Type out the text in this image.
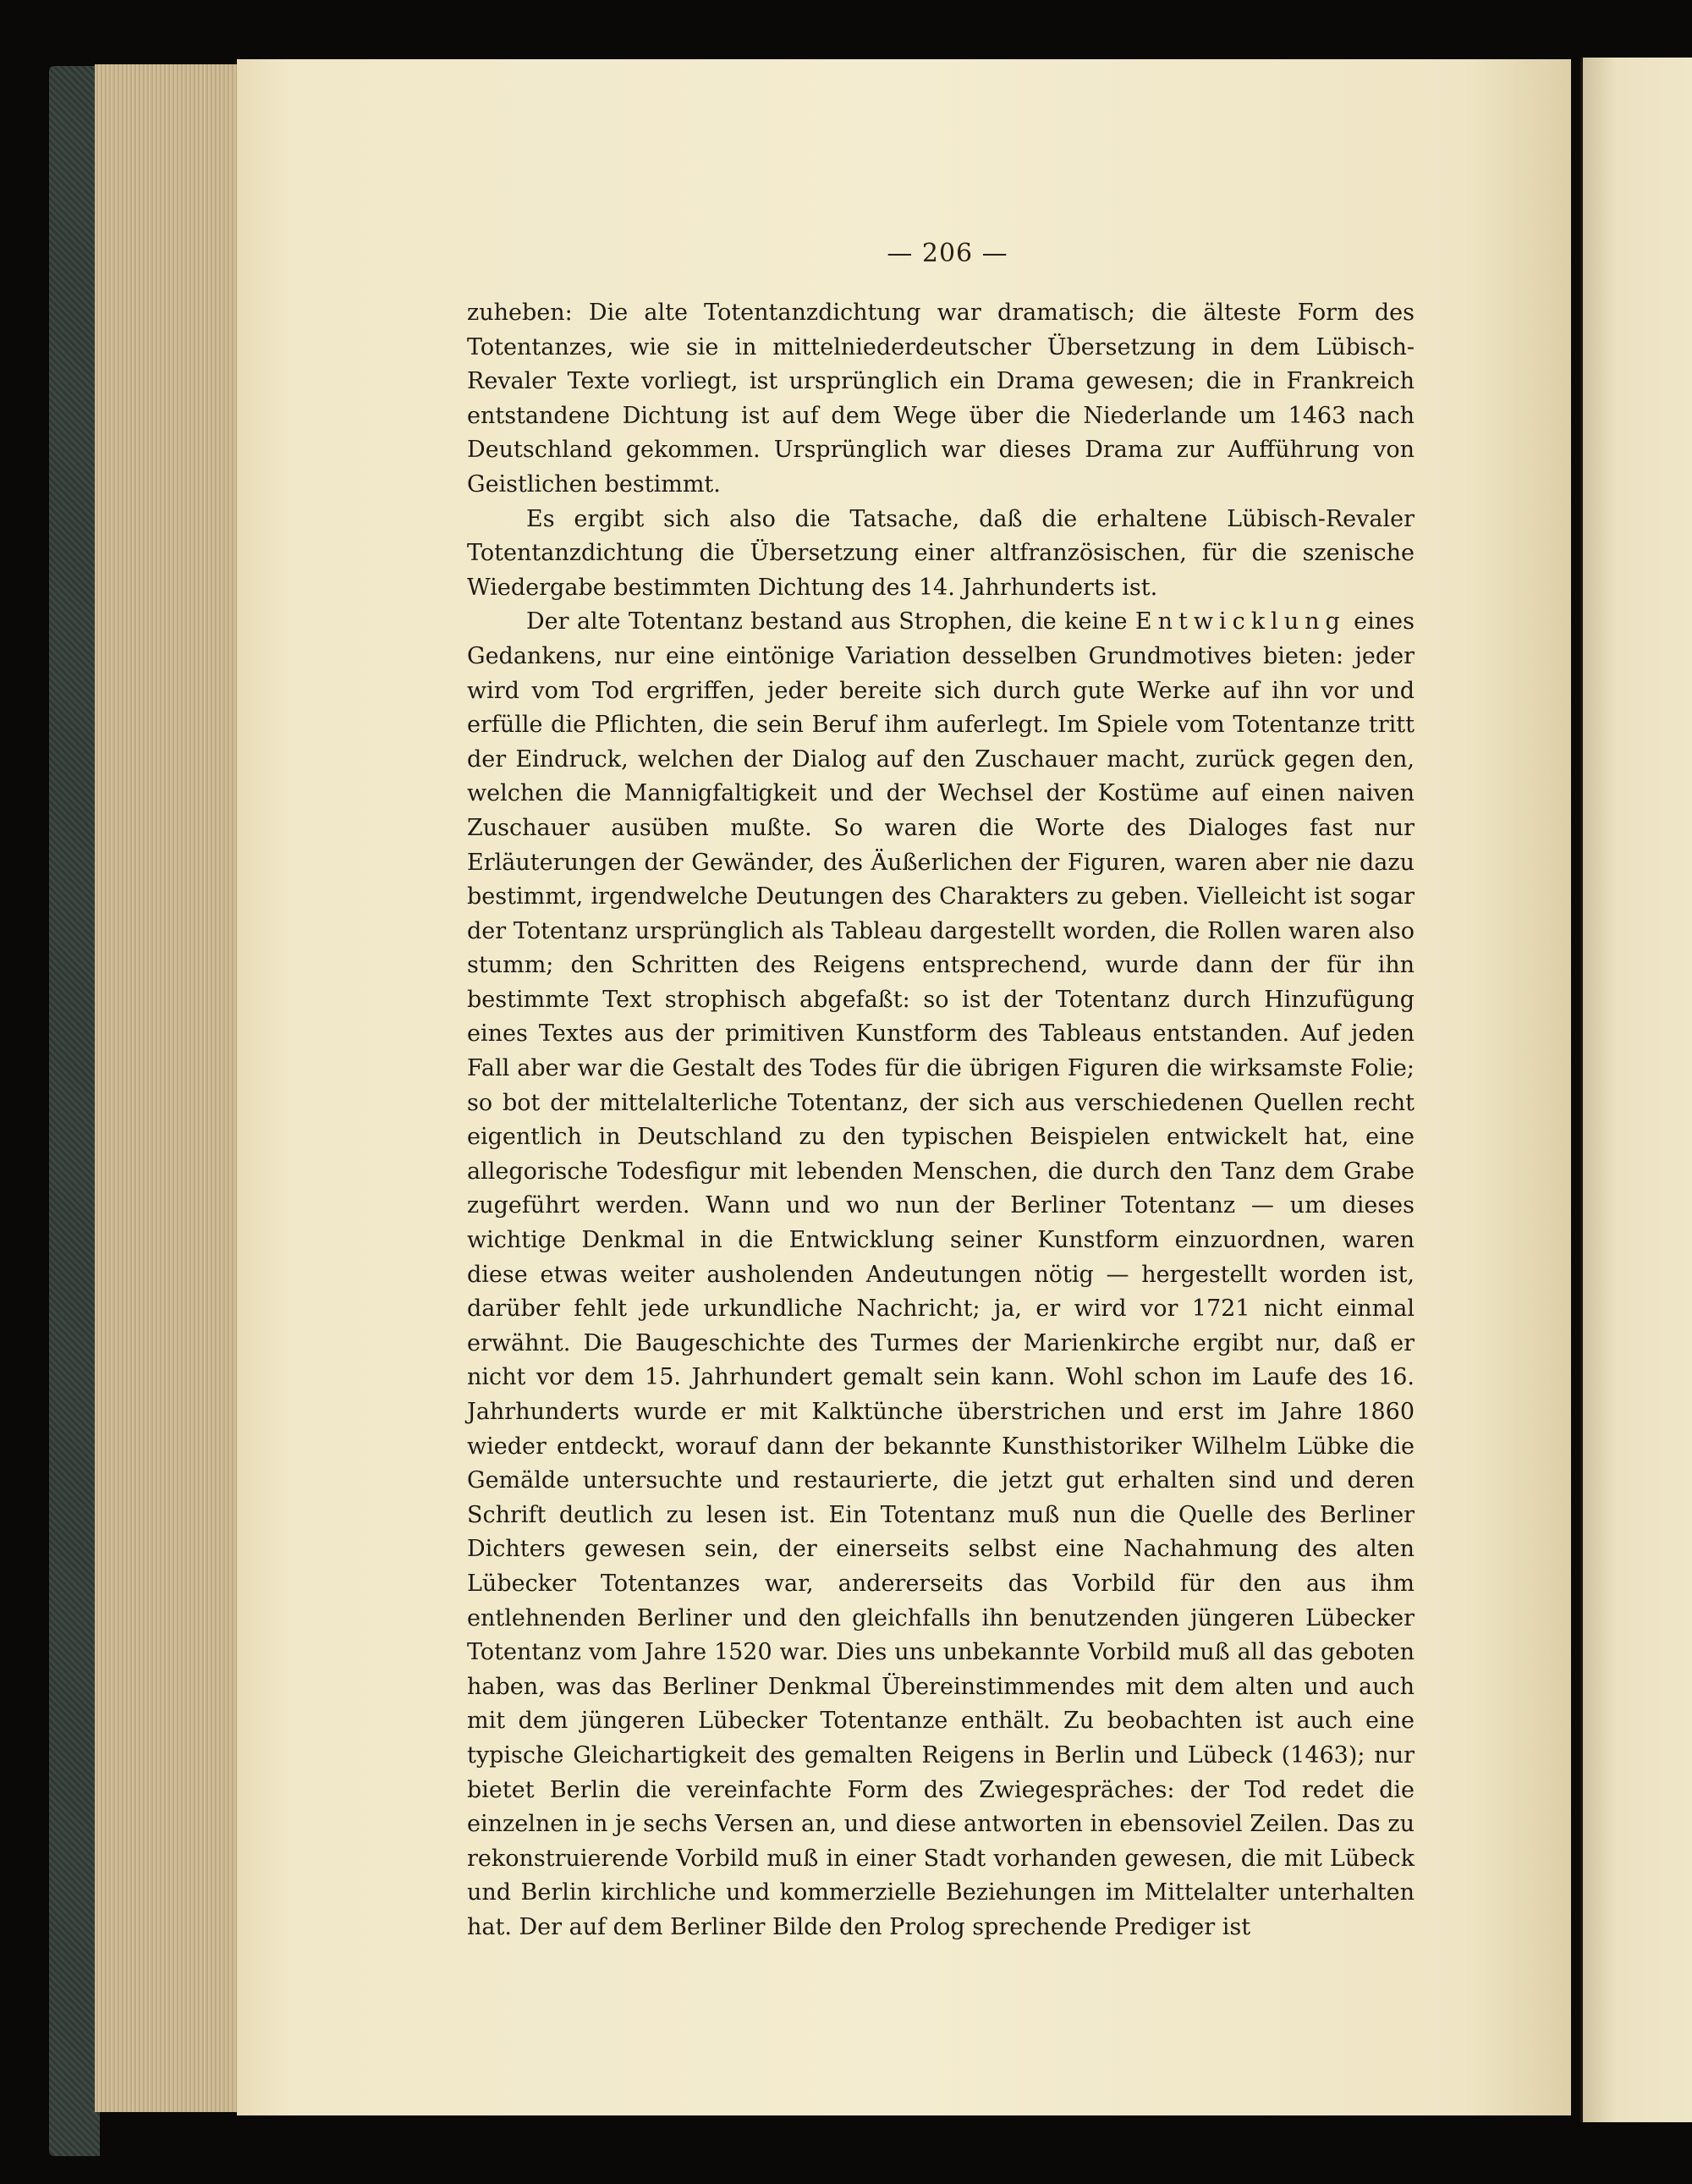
— 206 —

zuheben: Die alte Totentanzdichtung war dramatisch; die älteste Form des Totentanzes, wie sie in mittelniederdeutscher Übersetzung in dem Lübisch-Revaler Texte vorliegt, ist ursprünglich ein Drama gewesen; die in Frankreich entstandene Dichtung ist auf dem Wege über die Niederlande um 1463 nach Deutschland gekommen. Ursprünglich war dieses Drama zur Aufführung von Geistlichen bestimmt.

Es ergibt sich also die Tatsache, daß die erhaltene Lübisch-Revaler Totentanzdichtung die Übersetzung einer altfranzösischen, für die szenische Wiedergabe bestimmten Dichtung des 14. Jahrhunderts ist.

Der alte Totentanz bestand aus Strophen, die keine Entwicklung eines Gedankens, nur eine eintönige Variation desselben Grundmotives bieten: jeder wird vom Tod ergriffen, jeder bereite sich durch gute Werke auf ihn vor und erfülle die Pflichten, die sein Beruf ihm auferlegt. Im Spiele vom Totentanze tritt der Eindruck, welchen der Dialog auf den Zuschauer macht, zurück gegen den, welchen die Mannigfaltigkeit und der Wechsel der Kostüme auf einen naiven Zuschauer ausüben mußte. So waren die Worte des Dialoges fast nur Erläuterungen der Gewänder, des Äußerlichen der Figuren, waren aber nie dazu bestimmt, irgendwelche Deutungen des Charakters zu geben. Vielleicht ist sogar der Totentanz ursprünglich als Tableau dargestellt worden, die Rollen waren also stumm; den Schritten des Reigens entsprechend, wurde dann der für ihn bestimmte Text strophisch abgefaßt: so ist der Totentanz durch Hinzufügung eines Textes aus der primitiven Kunstform des Tableaus entstanden. Auf jeden Fall aber war die Gestalt des Todes für die übrigen Figuren die wirksamste Folie; so bot der mittelalterliche Totentanz, der sich aus verschiedenen Quellen recht eigentlich in Deutschland zu den typischen Beispielen entwickelt hat, eine allegorische Todesfigur mit lebenden Menschen, die durch den Tanz dem Grabe zugeführt werden. Wann und wo nun der Berliner Totentanz — um dieses wichtige Denkmal in die Entwicklung seiner Kunstform einzuordnen, waren diese etwas weiter ausholenden Andeutungen nötig — hergestellt worden ist, darüber fehlt jede urkundliche Nachricht; ja, er wird vor 1721 nicht einmal erwähnt. Die Baugeschichte des Turmes der Marienkirche ergibt nur, daß er nicht vor dem 15. Jahrhundert gemalt sein kann. Wohl schon im Laufe des 16. Jahrhunderts wurde er mit Kalktünche überstrichen und erst im Jahre 1860 wieder entdeckt, worauf dann der bekannte Kunsthistoriker Wilhelm Lübke die Gemälde untersuchte und restaurierte, die jetzt gut erhalten sind und deren Schrift deutlich zu lesen ist. Ein Totentanz muß nun die Quelle des Berliner Dichters gewesen sein, der einerseits selbst eine Nachahmung des alten Lübecker Totentanzes war, andererseits das Vorbild für den aus ihm entlehnenden Berliner und den gleichfalls ihn benutzenden jüngeren Lübecker Totentanz vom Jahre 1520 war. Dies uns unbekannte Vorbild muß all das geboten haben, was das Berliner Denkmal Übereinstimmendes mit dem alten und auch mit dem jüngeren Lübecker Totentanze enthält. Zu beobachten ist auch eine typische Gleichartigkeit des gemalten Reigens in Berlin und Lübeck (1463); nur bietet Berlin die vereinfachte Form des Zwiegespräches: der Tod redet die einzelnen in je sechs Versen an, und diese antworten in ebensoviel Zeilen. Das zu rekonstruierende Vorbild muß in einer Stadt vorhanden gewesen, die mit Lübeck und Berlin kirchliche und kommerzielle Beziehungen im Mittelalter unterhalten hat. Der auf dem Berliner Bilde den Prolog sprechende Prediger ist
